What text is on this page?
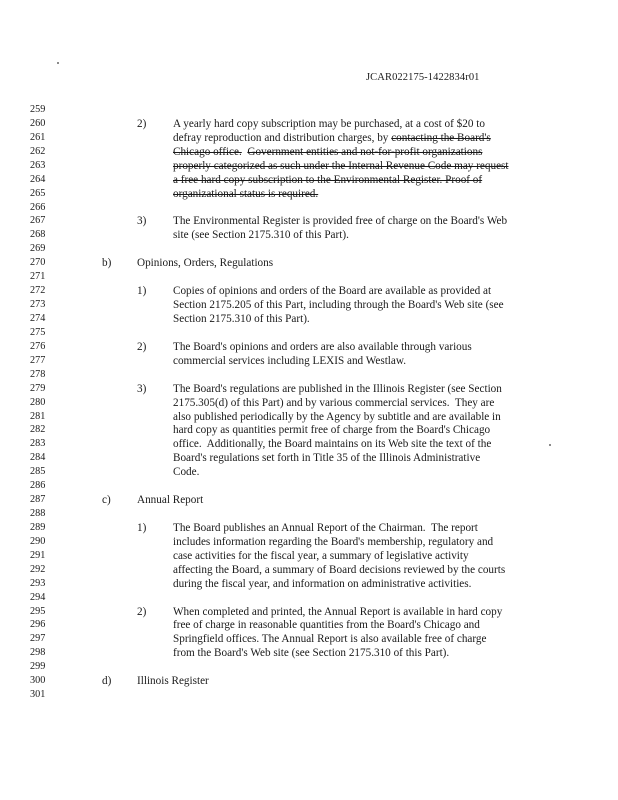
JCAR022175-1422834r01
259
260	2) A yearly hard copy subscription may be purchased, at a cost of $20 to
261	defray reproduction and distribution charges, by contacting the Board's
262	Chicago office. Government entities and not-for-profit organizations
263	properly categorized as such under the Internal Revenue Code may request
264	a free hard copy subscription to the Environmental Register. Proof of
265	organizational status is required.
266
267	3) The Environmental Register is provided free of charge on the Board's Web
268	site (see Section 2175.310 of this Part).
269
270	b) Opinions, Orders, Regulations
271
272	1) Copies of opinions and orders of the Board are available as provided at
273	Section 2175.205 of this Part, including through the Board's Web site (see
274	Section 2175.310 of this Part).
275
276	2) The Board's opinions and orders are also available through various
277	commercial services including LEXIS and Westlaw.
278
279	3) The Board's regulations are published in the Illinois Register (see Section
280	2175.305(d) of this Part) and by various commercial services.  They are
281	also published periodically by the Agency by subtitle and are available in
282	hard copy as quantities permit free of charge from the Board's Chicago
283	office.  Additionally, the Board maintains on its Web site the text of the
284	Board's regulations set forth in Title 35 of the Illinois Administrative
285	Code.
286
287	c) Annual Report
288
289	1) The Board publishes an Annual Report of the Chairman.  The report
290	includes information regarding the Board's membership, regulatory and
291	case activities for the fiscal year, a summary of legislative activity
292	affecting the Board, a summary of Board decisions reviewed by the courts
293	during the fiscal year, and information on administrative activities.
294
295	2) When completed and printed, the Annual Report is available in hard copy
296	free of charge in reasonable quantities from the Board's Chicago and
297	Springfield offices. The Annual Report is also available free of charge
298	from the Board's Web site (see Section 2175.310 of this Part).
299
300	d) Illinois Register
301
